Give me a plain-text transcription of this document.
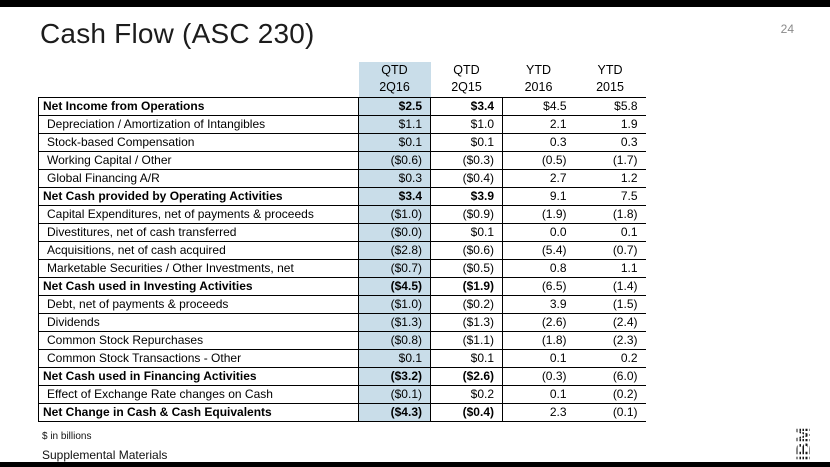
Cash Flow (ASC 230)	24
	QTD	QTD	YTD	YTD
	2Q16	2Q15	2016	2015
Net Income from Operations	$2.5	$3.4	$4.5	$5.8
Depreciation / Amortization of Intangibles	$1.1	$1.0	2.1	1.9
Stock-based Compensation	$0.1	$0.1	0.3	0.3
Working Capital / Other	($0.6)	($0.3)	(0.5)	(1.7)
Global Financing A/R	$0.3	($0.4)	2.7	1.2
Net Cash provided by Operating Activities	$3.4	$3.9	9.1	7.5
Capital Expenditures, net of payments & proceeds	($1.0)	($0.9)	(1.9)	(1.8)
Divestitures, net of cash transferred	($0.0)	$0.1	0.0	0.1
Acquisitions, net of cash acquired	($2.8)	($0.6)	(5.4)	(0.7)
Marketable Securities / Other Investments, net	($0.7)	($0.5)	0.8	1.1
Net Cash used in Investing Activities	($4.5)	($1.9)	(6.5)	(1.4)
Debt, net of payments & proceeds	($1.0)	($0.2)	3.9	(1.5)
Dividends	($1.3)	($1.3)	(2.6)	(2.4)
Common Stock Repurchases	($0.8)	($1.1)	(1.8)	(2.3)
Common Stock Transactions - Other	$0.1	$0.1	0.1	0.2
Net Cash used in Financing Activities	($3.2)	($2.6)	(0.3)	(6.0)
Effect of Exchange Rate changes on Cash	($0.1)	$0.2	0.1	(0.2)
Net Change in Cash & Cash Equivalents	($4.3)	($0.4)	2.3	(0.1)
$ in billions
Supplemental Materials	IBM
